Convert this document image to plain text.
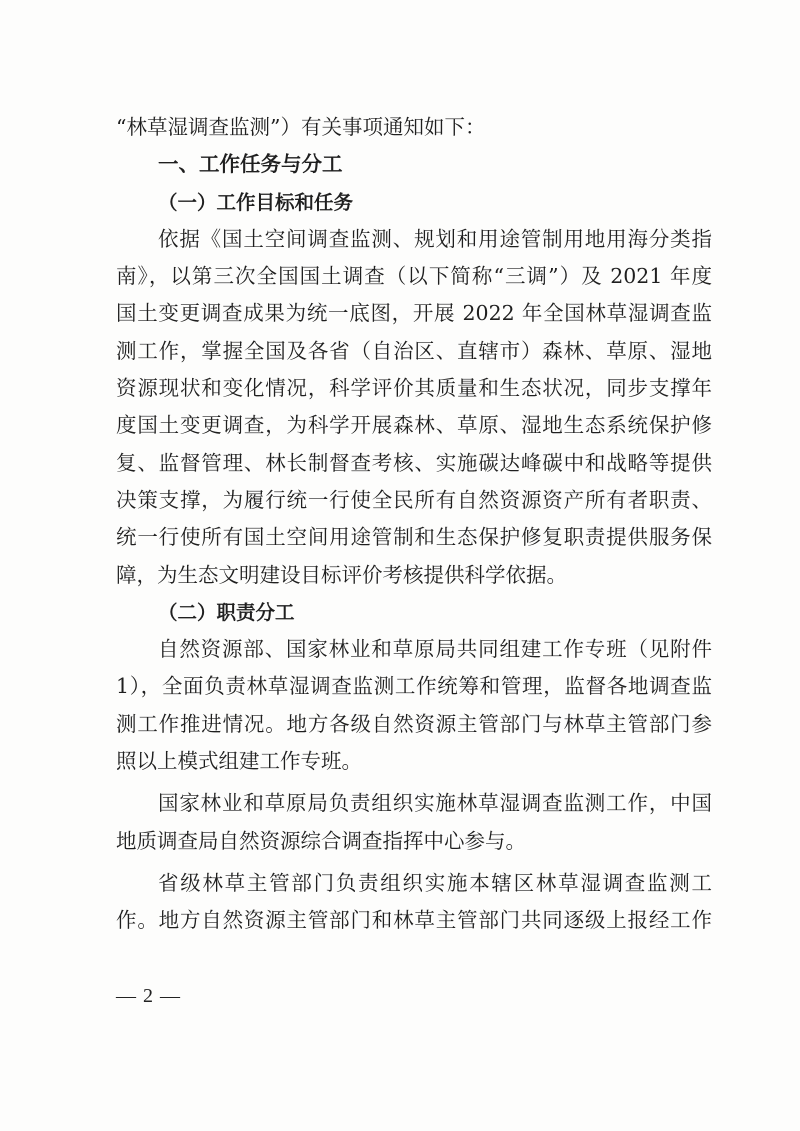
“林草湿调查监测”）有关事项通知如下：
一、工作任务与分工
（一）工作目标和任务
依据《国土空间调查监测、规划和用途管制用地用海分类指
南》，以第三次全国国土调查（以下简称“三调”）及 2021 年度
国土变更调查成果为统一底图，开展 2022 年全国林草湿调查监
测工作，掌握全国及各省（自治区、直辖市）森林、草原、湿地
资源现状和变化情况，科学评价其质量和生态状况，同步支撑年
度国土变更调查，为科学开展森林、草原、湿地生态系统保护修
复、监督管理、林长制督查考核、实施碳达峰碳中和战略等提供
决策支撑，为履行统一行使全民所有自然资源资产所有者职责、
统一行使所有国土空间用途管制和生态保护修复职责提供服务保
障，为生态文明建设目标评价考核提供科学依据。
（二）职责分工
自然资源部、国家林业和草原局共同组建工作专班（见附件
1），全面负责林草湿调查监测工作统筹和管理，监督各地调查监
测工作推进情况。地方各级自然资源主管部门与林草主管部门参
照以上模式组建工作专班。
国家林业和草原局负责组织实施林草湿调查监测工作，中国
地质调查局自然资源综合调查指挥中心参与。
省级林草主管部门负责组织实施本辖区林草湿调查监测工
作。地方自然资源主管部门和林草主管部门共同逐级上报经工作
— 2 —
